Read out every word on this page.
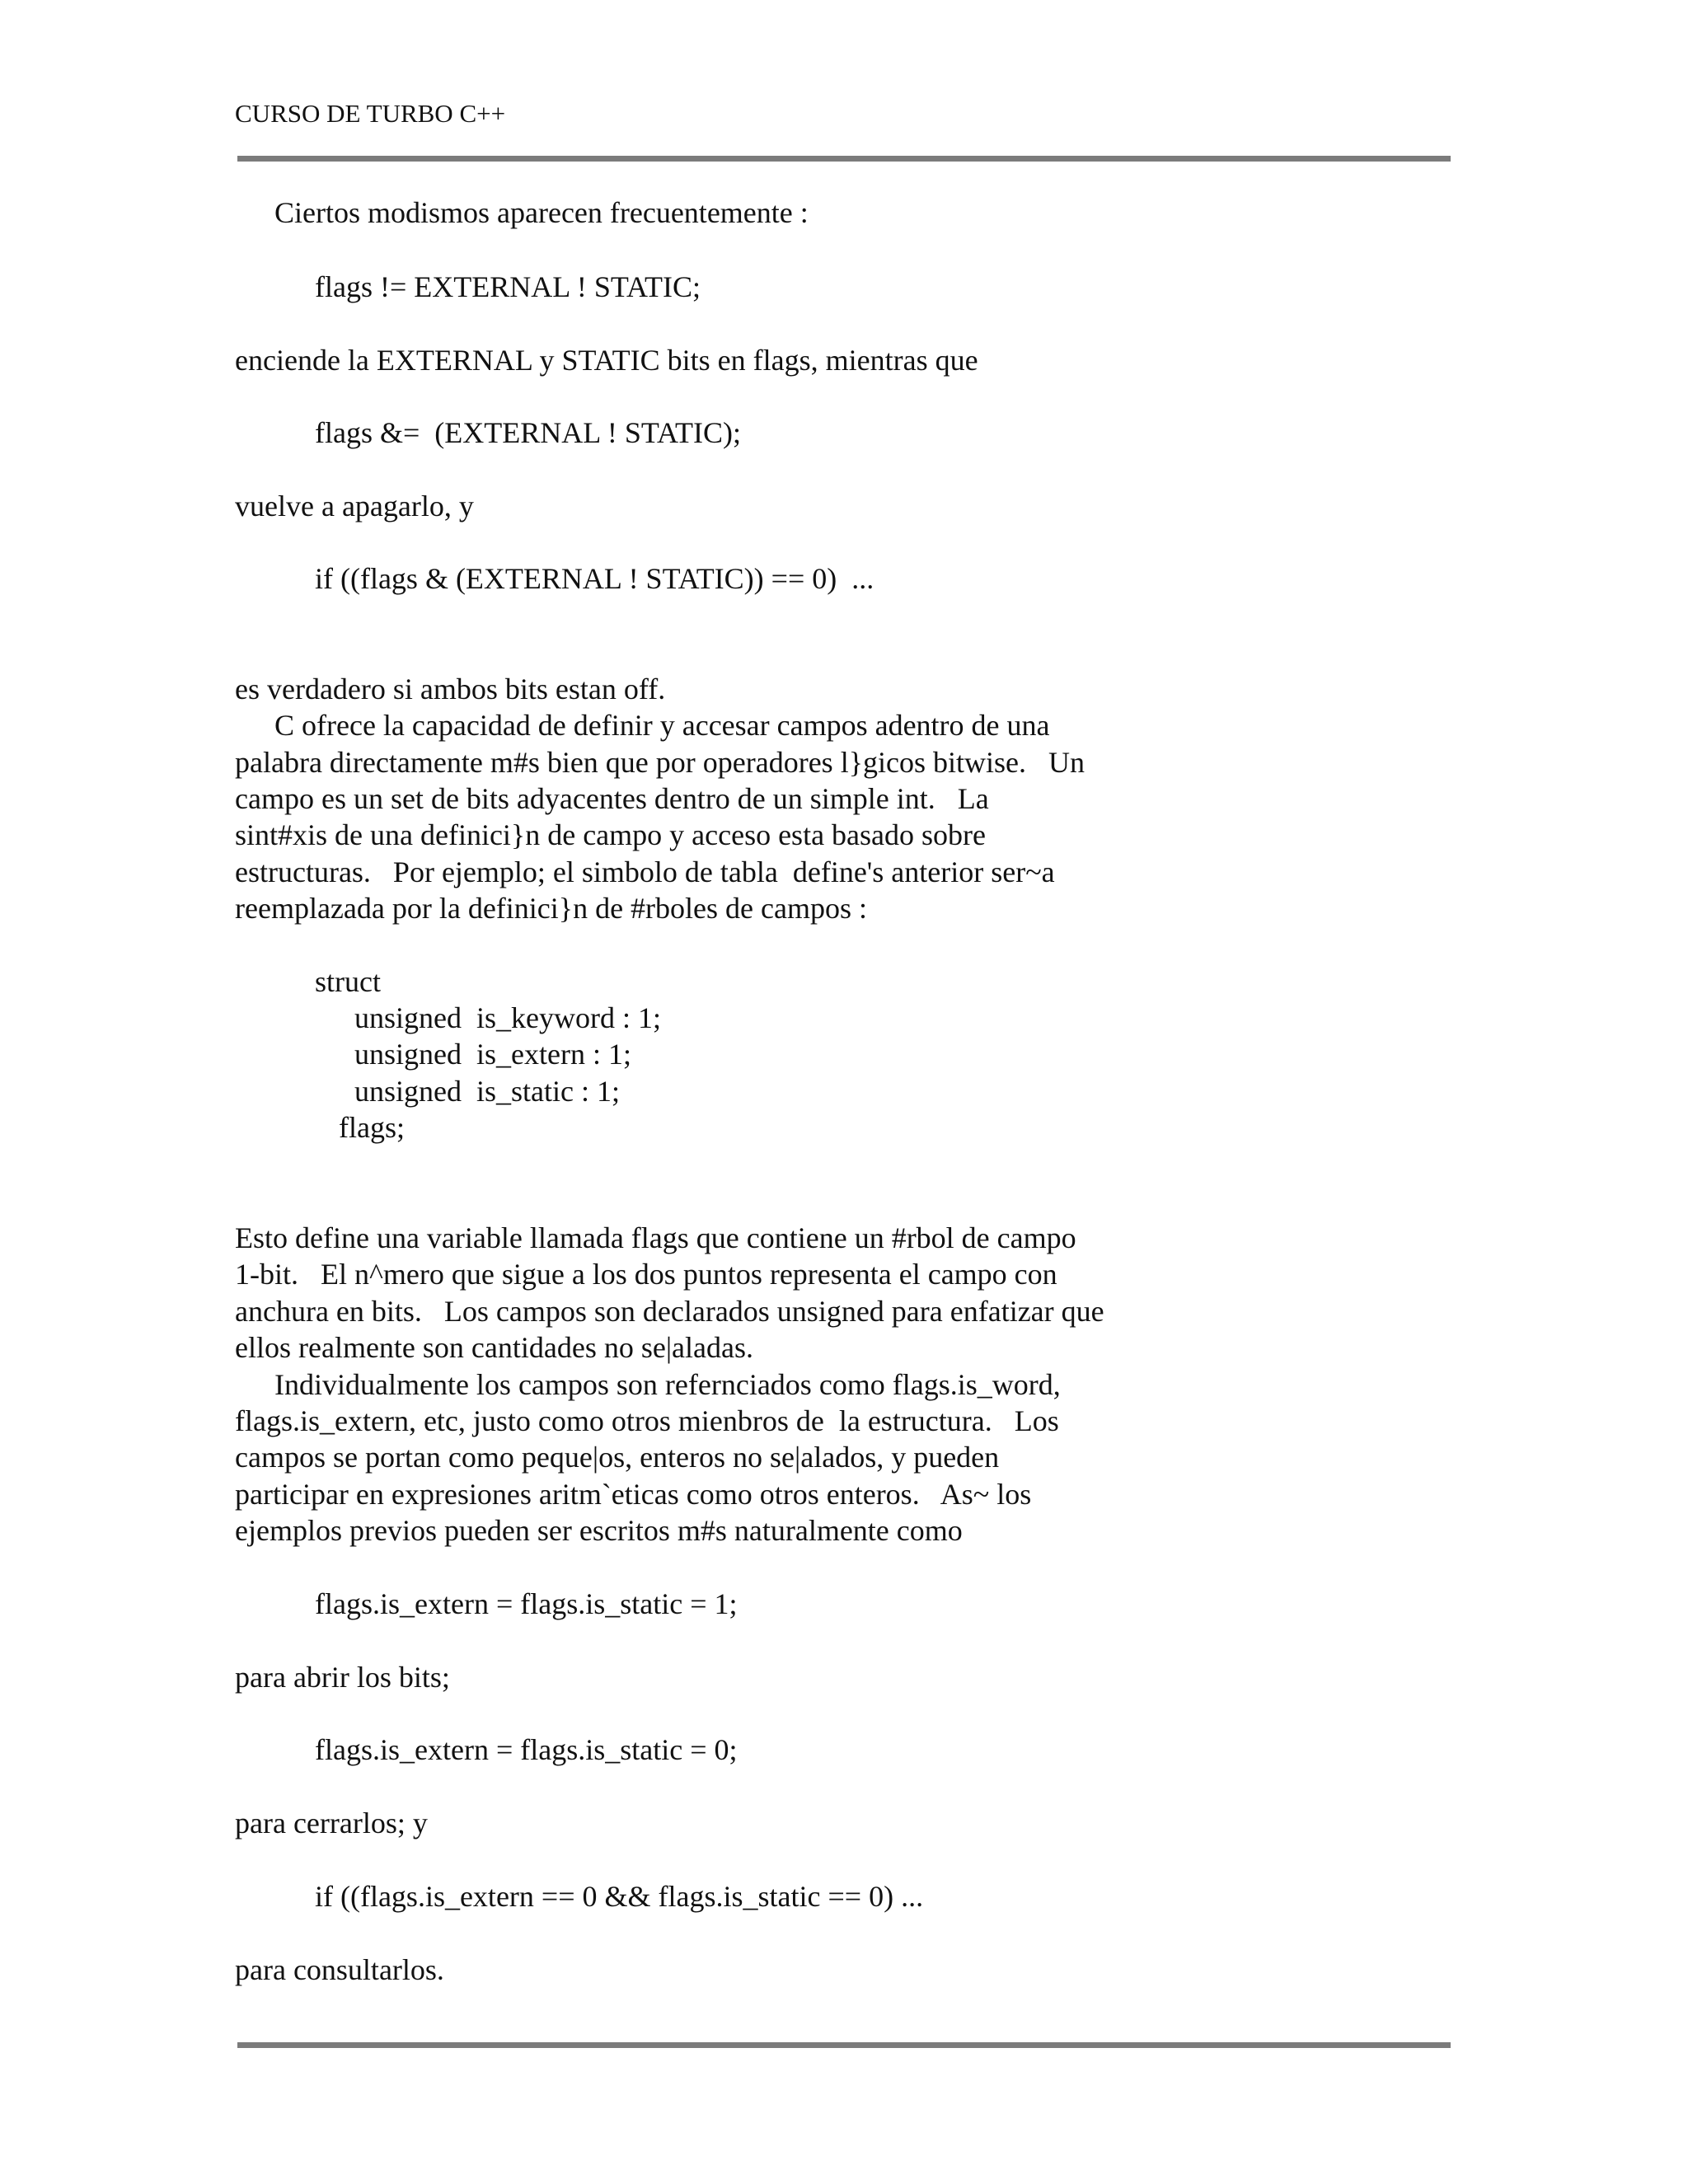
CURSO DE TURBO C++
Ciertos modismos aparecen frecuentemente :
flags != EXTERNAL ! STATIC;
enciende la EXTERNAL y STATIC bits en flags, mientras que
flags &=  (EXTERNAL ! STATIC);
vuelve a apagarlo, y
if ((flags & (EXTERNAL ! STATIC)) == 0)  ...
es verdadero si ambos bits estan off.
C ofrece la capacidad de definir y accesar campos adentro de una
palabra directamente m#s bien que por operadores l}gicos bitwise.   Un
campo es un set de bits adyacentes dentro de un simple int.   La
sint#xis de una definici}n de campo y acceso esta basado sobre
estructuras.   Por ejemplo; el simbolo de tabla  define's anterior ser~a
reemplazada por la definici}n de #rboles de campos :
struct
unsigned  is_keyword : 1;
unsigned  is_extern : 1;
unsigned  is_static : 1;
flags;
Esto define una variable llamada flags que contiene un #rbol de campo
1-bit.   El n^mero que sigue a los dos puntos representa el campo con
anchura en bits.   Los campos son declarados unsigned para enfatizar que
ellos realmente son cantidades no se|aladas.
Individualmente los campos son refernciados como flags.is_word,
flags.is_extern, etc, justo como otros mienbros de  la estructura.   Los
campos se portan como peque|os, enteros no se|alados, y pueden
participar en expresiones aritm`eticas como otros enteros.   As~ los
ejemplos previos pueden ser escritos m#s naturalmente como
flags.is_extern = flags.is_static = 1;
para abrir los bits;
flags.is_extern = flags.is_static = 0;
para cerrarlos; y
if ((flags.is_extern == 0 && flags.is_static == 0) ...
para consultarlos.
